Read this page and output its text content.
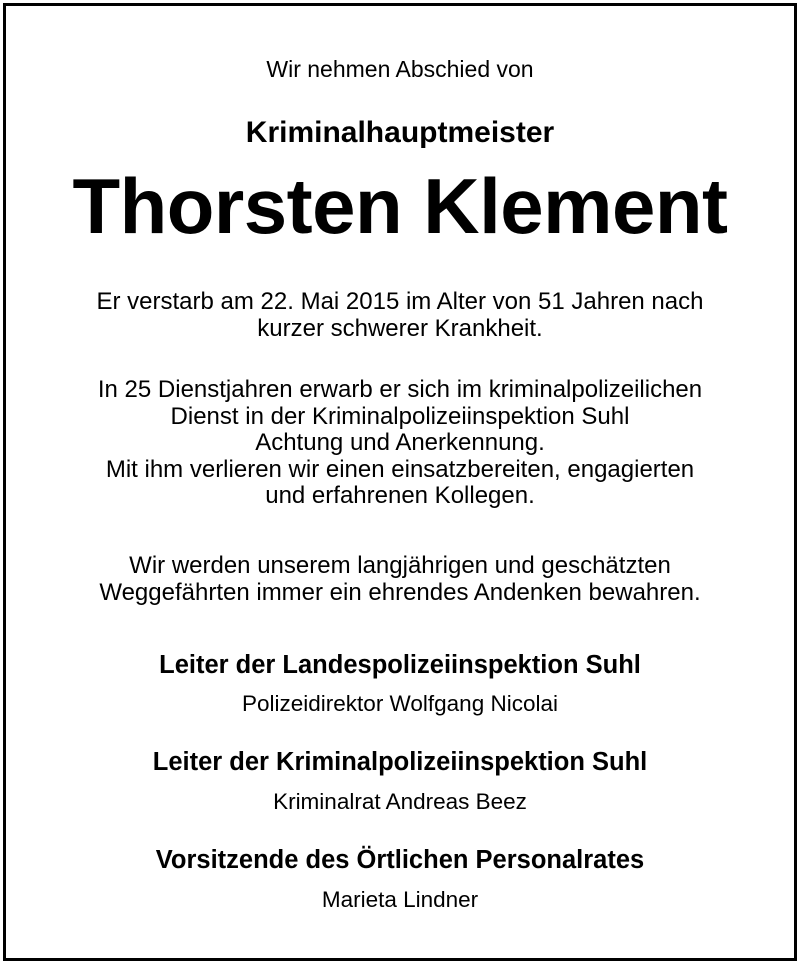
Wir nehmen Abschied von
Kriminalhauptmeister
Thorsten Klement
Er verstarb am 22. Mai 2015 im Alter von 51 Jahren nach
kurzer schwerer Krankheit.
In 25 Dienstjahren erwarb er sich im kriminalpolizeilichen
Dienst in der Kriminalpolizeiinspektion Suhl
Achtung und Anerkennung.
Mit ihm verlieren wir einen einsatzbereiten, engagierten
und erfahrenen Kollegen.
Wir werden unserem langjährigen und geschätzten
Weggefährten immer ein ehrendes Andenken bewahren.
Leiter der Landespolizeiinspektion Suhl
Polizeidirektor Wolfgang Nicolai
Leiter der Kriminalpolizeiinspektion Suhl
Kriminalrat Andreas Beez
Vorsitzende des Örtlichen Personalrates
Marieta Lindner
